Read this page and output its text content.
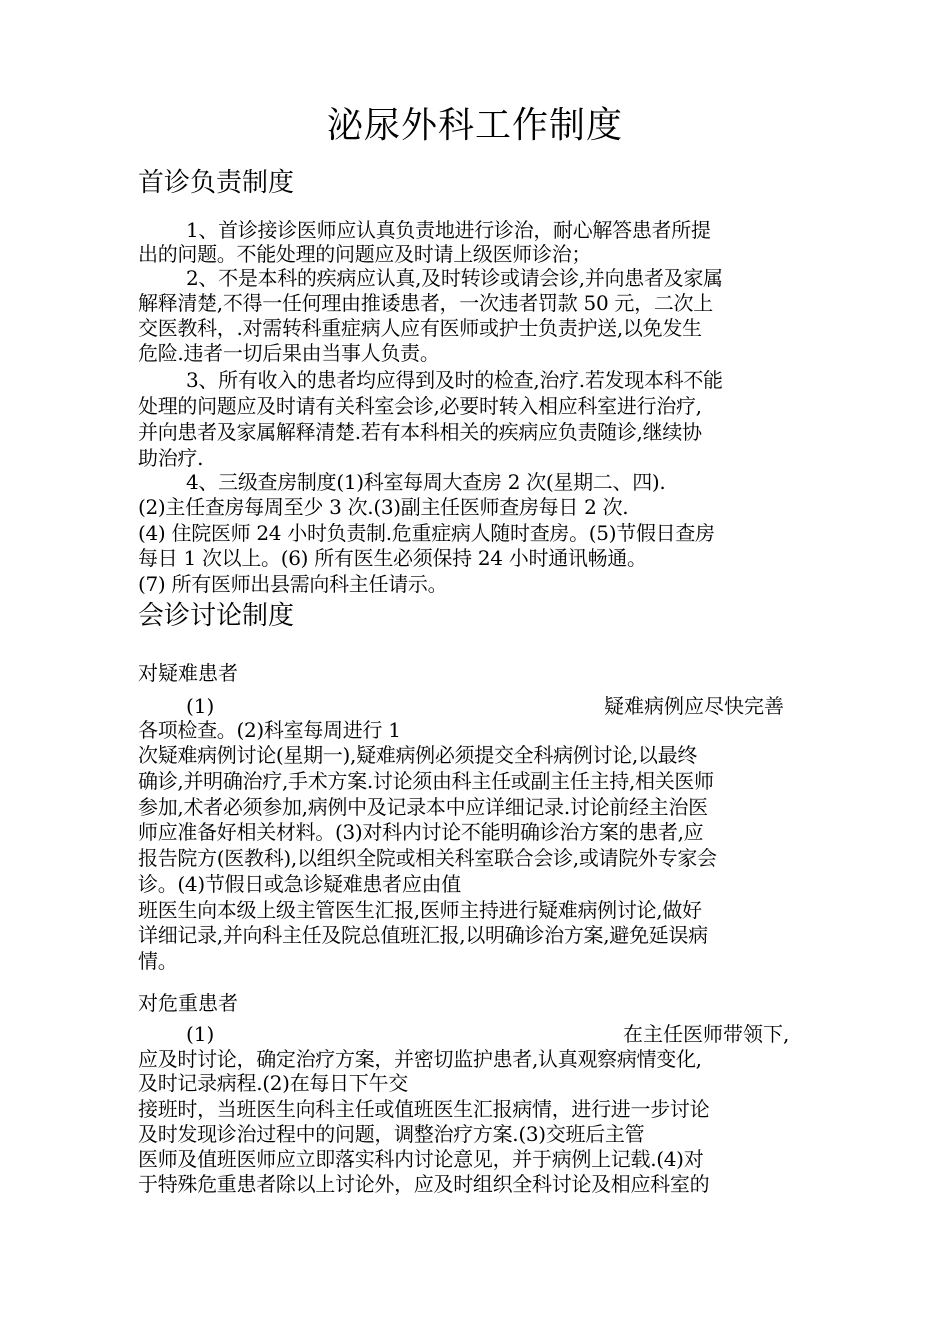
泌尿外科工作制度
首诊负责制度
1、首诊接诊医师应认真负责地进行诊治，耐心解答患者所提
出的问题。不能处理的问题应及时请上级医师诊治；
2、不是本科的疾病应认真,及时转诊或请会诊,并向患者及家属
解释清楚,不得一任何理由推诿患者，一次违者罚款 50 元，二次上
交医教科，.对需转科重症病人应有医师或护士负责护送,以免发生
危险.违者一切后果由当事人负责。
3、所有收入的患者均应得到及时的检查,治疗.若发现本科不能
处理的问题应及时请有关科室会诊,必要时转入相应科室进行治疗,
并向患者及家属解释清楚.若有本科相关的疾病应负责随诊,继续协
助治疗.
4、三级查房制度(1)科室每周大查房 2 次(星期二、四).
(2)主任查房每周至少 3 次.(3)副主任医师查房每日 2 次.
(4) 住院医师 24 小时负责制.危重症病人随时查房。(5)节假日查房
每日 1 次以上。(6) 所有医生必须保持 24 小时通讯畅通。
(7) 所有医师出县需向科主任请示。
会诊讨论制度
对疑难患者
(1)	疑难病例应尽快完善
各项检查。(2)科室每周进行 1
次疑难病例讨论(星期一),疑难病例必须提交全科病例讨论,以最终
确诊,并明确治疗,手术方案.讨论须由科主任或副主任主持,相关医师
参加,术者必须参加,病例中及记录本中应详细记录.讨论前经主治医
师应准备好相关材料。(3)对科内讨论不能明确诊治方案的患者,应
报告院方(医教科),以组织全院或相关科室联合会诊,或请院外专家会
诊。(4)节假日或急诊疑难患者应由值
班医生向本级上级主管医生汇报,医师主持进行疑难病例讨论,做好
详细记录,并向科主任及院总值班汇报,以明确诊治方案,避免延误病
情。
对危重患者
(1)	在主任医师带领下,
应及时讨论，确定治疗方案，并密切监护患者,认真观察病情变化,
及时记录病程.(2)在每日下午交
接班时，当班医生向科主任或值班医生汇报病情，进行进一步讨论
及时发现诊治过程中的问题，调整治疗方案.(3)交班后主管
医师及值班医师应立即落实科内讨论意见，并于病例上记载.(4)对
于特殊危重患者除以上讨论外，应及时组织全科讨论及相应科室的
